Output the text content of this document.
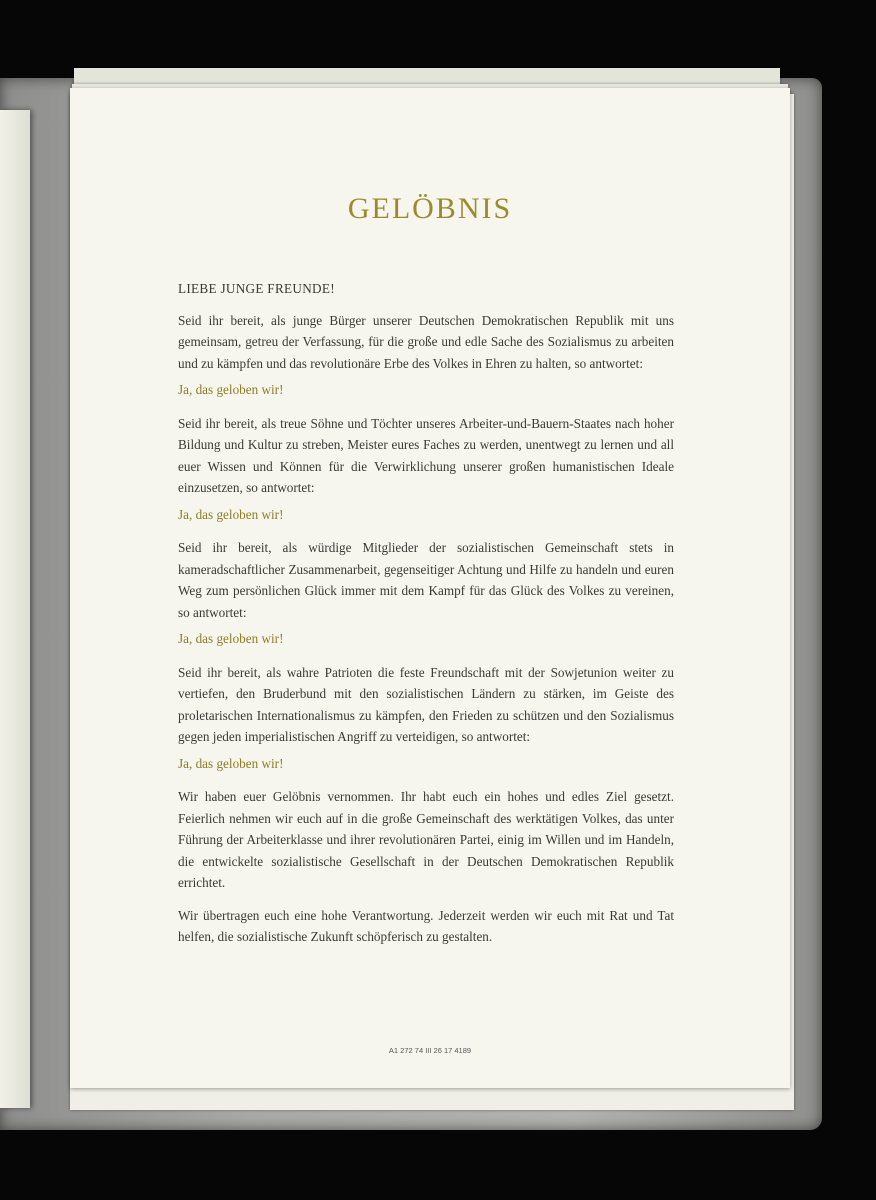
GELÖBNIS

LIEBE JUNGE FREUNDE!

Seid ihr bereit, als junge Bürger unserer Deutschen Demokratischen Republik mit uns gemeinsam, getreu der Verfassung, für die große und edle Sache des Sozialismus zu arbeiten und zu kämpfen und das revolutionäre Erbe des Volkes in Ehren zu halten, so antwortet:

Ja, das geloben wir!

Seid ihr bereit, als treue Söhne und Töchter unseres Arbeiter-und-Bauern-Staates nach hoher Bildung und Kultur zu streben, Meister eures Faches zu werden, unentwegt zu lernen und all euer Wissen und Können für die Verwirklichung unserer großen humanistischen Ideale einzusetzen, so antwortet:

Ja, das geloben wir!

Seid ihr bereit, als würdige Mitglieder der sozialistischen Gemeinschaft stets in kameradschaftlicher Zusammenarbeit, gegenseitiger Achtung und Hilfe zu handeln und euren Weg zum persönlichen Glück immer mit dem Kampf für das Glück des Volkes zu vereinen, so antwortet:

Ja, das geloben wir!

Seid ihr bereit, als wahre Patrioten die feste Freundschaft mit der Sowjetunion weiter zu vertiefen, den Bruderbund mit den sozialistischen Ländern zu stärken, im Geiste des proletarischen Internationalismus zu kämpfen, den Frieden zu schützen und den Sozialismus gegen jeden imperialistischen Angriff zu verteidigen, so antwortet:

Ja, das geloben wir!

Wir haben euer Gelöbnis vernommen. Ihr habt euch ein hohes und edles Ziel gesetzt. Feierlich nehmen wir euch auf in die große Gemeinschaft des werktätigen Volkes, das unter Führung der Arbeiterklasse und ihrer revolutionären Partei, einig im Willen und im Handeln, die entwickelte sozialistische Gesellschaft in der Deutschen Demokratischen Republik errichtet.

Wir übertragen euch eine hohe Verantwortung. Jederzeit werden wir euch mit Rat und Tat helfen, die sozialistische Zukunft schöpferisch zu gestalten.

A1 272 74 III 26 17 4189
